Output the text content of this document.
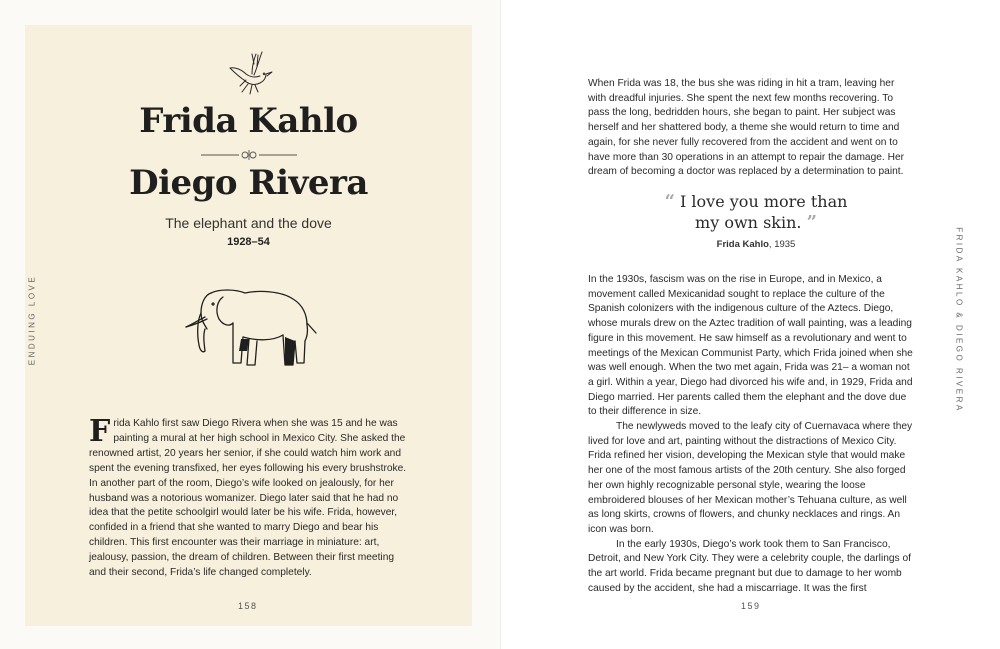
Frida Kahlo
Diego Rivera
The elephant and the dove
1928–54
ENDUING LOVE

Frida Kahlo first saw Diego Rivera when she was 15 and he was painting a mural at her high school in Mexico City. She asked the renowned artist, 20 years her senior, if she could watch him work and spent the evening transfixed, her eyes following his every brushstroke. In another part of the room, Diego’s wife looked on jealously, for her husband was a notorious womanizer. Diego later said that he had no idea that the petite schoolgirl would later be his wife. Frida, however, confided in a friend that she wanted to marry Diego and bear his children. This first encounter was their marriage in miniature: art, jealousy, passion, the dream of children. Between their first meeting and their second, Frida’s life changed completely.

158

When Frida was 18, the bus she was riding in hit a tram, leaving her with dreadful injuries. She spent the next few months recovering. To pass the long, bedridden hours, she began to paint. Her subject was herself and her shattered body, a theme she would return to time and again, for she never fully recovered from the accident and went on to have more than 30 operations in an attempt to repair the damage. Her dream of becoming a doctor was replaced by a determination to paint.

“ I love you more than
my own skin. ”
Frida Kahlo, 1935
In the 1930s, fascism was on the rise in Europe, and in Mexico, a movement called Mexicanidad sought to replace the culture of the Spanish colonizers with the indigenous culture of the Aztecs. Diego, whose murals drew on the Aztec tradition of wall painting, was a leading figure in this movement. He saw himself as a revolutionary and went to meetings of the Mexican Communist Party, which Frida joined when she was well enough. When the two met again, Frida was 21– a woman not a girl. Within a year, Diego had divorced his wife and, in 1929, Frida and Diego married. Her parents called them the elephant and the dove due to their difference in size.
The newlyweds moved to the leafy city of Cuernavaca where they lived for love and art, painting without the distractions of Mexico City. Frida refined her vision, developing the Mexican style that would make her one of the most famous artists of the 20th century. She also forged her own highly recognizable personal style, wearing the loose embroidered blouses of her Mexican mother’s Tehuana culture, as well as long skirts, crowns of flowers, and chunky necklaces and rings. An icon was born.
In the early 1930s, Diego’s work took them to San Francisco, Detroit, and New York City. They were a celebrity couple, the darlings of the art world. Frida became pregnant but due to damage to her womb caused by the accident, she had a miscarriage. It was the first
FRIDA KAHLO & DIEGO RIVERA
159
